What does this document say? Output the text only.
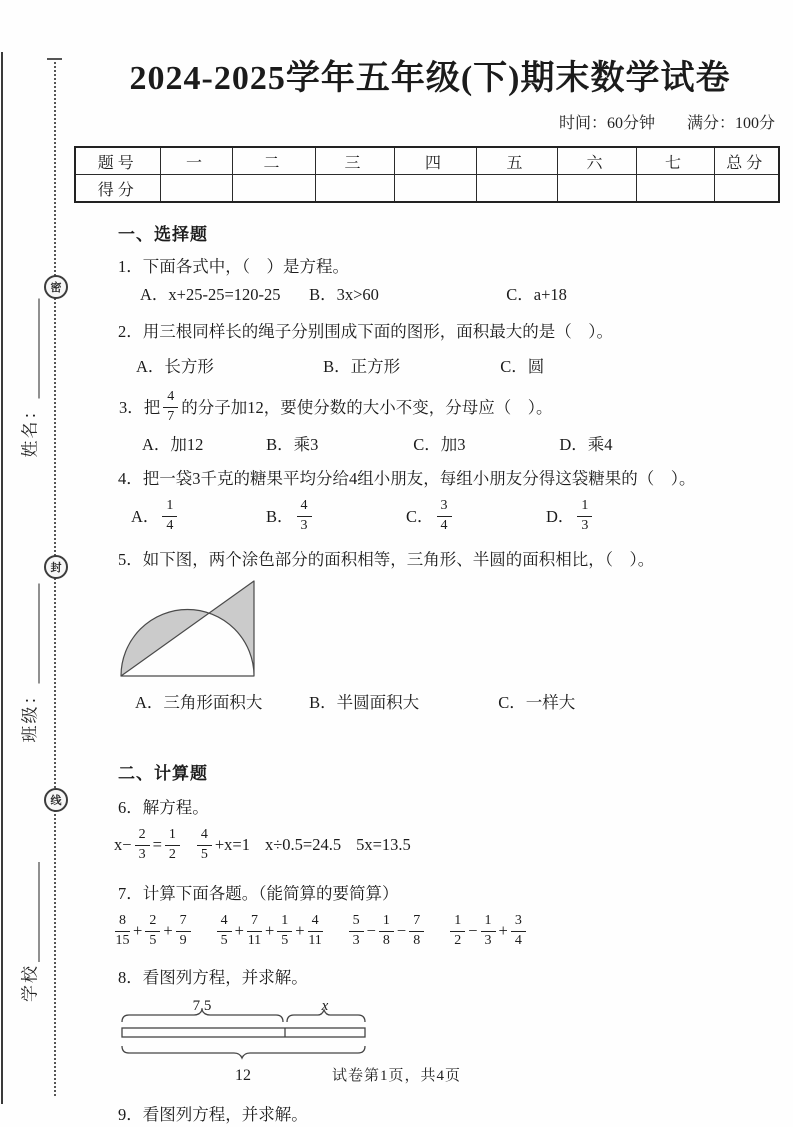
密
封
线
姓名：
班级：
学校
2024-2025学年五年级(下)期末数学试卷
时间：60分钟 满分：100分
题号	一	二	三	四	五	六	七	总分
得分								
一、选择题
1．下面各式中，（　）是方程。
A．x+25-25=120-25 B．3x>60	C．a+18
2．用三根同样长的绳子分别围成下面的图形，面积最大的是（　）。
A．长方形	B．正方形	C．圆
3．把 $\frac{4}{7}$ 的分子加12，要使分数的大小不变，分母应（　）。
A．加12	B．乘3	C．加3	D．乘4
4．把一袋3千克的糖果平均分给4组小朋友，每组小朋友分得这袋糖果的（　）。
A． $\frac{1}{4}$	B． $\frac{4}{3}$	C． $\frac{3}{4}$	D． $\frac{1}{3}$
5．如下图，两个涂色部分的面积相等，三角形、半圆的面积相比，（　）。
A．三角形面积大	B．半圆面积大	C．一样大
二、计算题
6．解方程。
$x- \frac{2}{3} = \frac{1}{2} \frac{4}{5} +x=1$ x÷0.5=24.5 5x=13.5
7．计算下面各题。（能简算的要简算）
$\frac{8}{15} + \frac{2}{5} + \frac{7}{9} \frac{4}{5} + \frac{7}{11} + \frac{1}{5} + \frac{4}{11} \frac{5}{3} - \frac{1}{8} - \frac{7}{8} \frac{1}{2} - \frac{1}{3} + \frac{3}{4}$
8．看图列方程，并求解。
7.5	x
12
9．看图列方程，并求解。
试卷第1页，共4页
